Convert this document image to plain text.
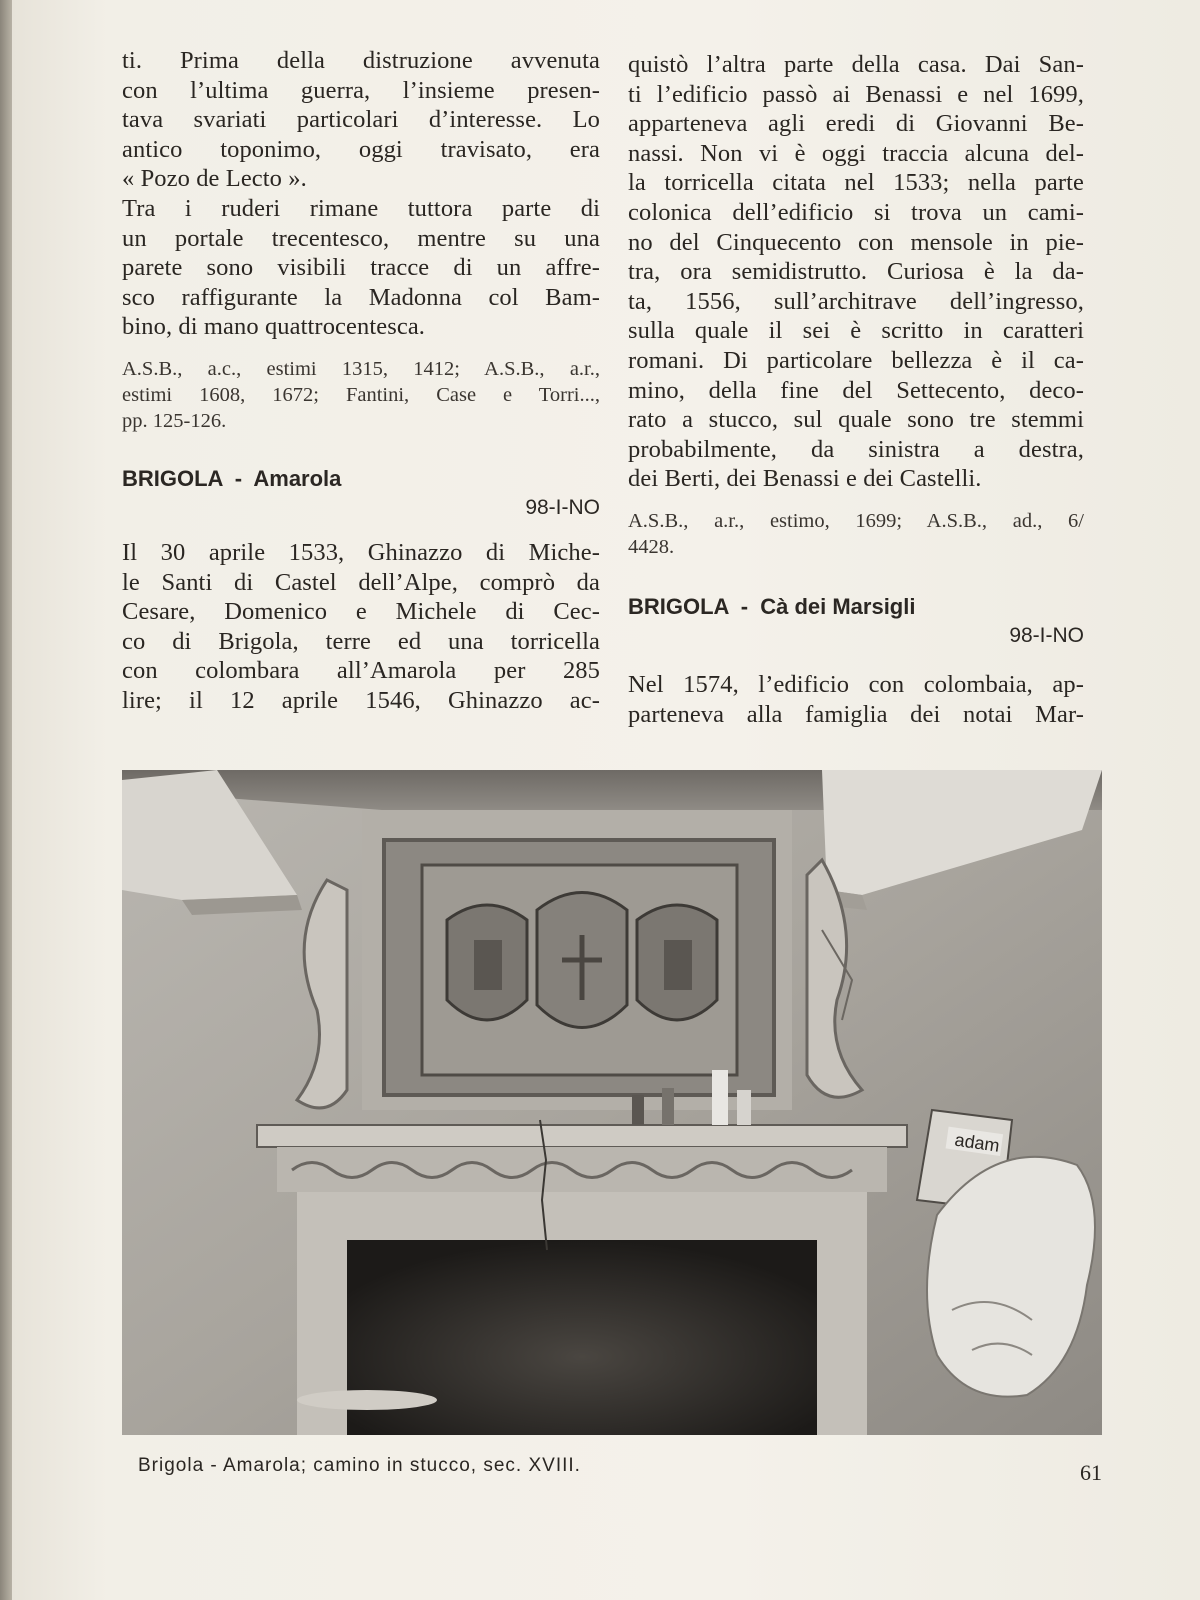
ti. Prima della distruzione avvenuta
con l’ultima guerra, l’insieme presen-
tava svariati particolari d’interesse. Lo
antico toponimo, oggi travisato, era
« Pozo de Lecto ».

Tra i ruderi rimane tuttora parte di
un portale trecentesco, mentre su una
parete sono visibili tracce di un affre-
sco raffigurante la Madonna col Bam-
bino, di mano quattrocentesca.

A.S.B., a.c., estimi 1315, 1412; A.S.B., a.r.,
estimi 1608, 1672; Fantini, Case e Torri...,
pp. 125-126.

BRIGOLA - Amarola
98-I-NO

Il 30 aprile 1533, Ghinazzo di Miche-
le Santi di Castel dell’Alpe, comprò da
Cesare, Domenico e Michele di Cec-
co di Brigola, terre ed una torricella
con colombara all’Amarola per 285
lire; il 12 aprile 1546, Ghinazzo ac-

quistò l’altra parte della casa. Dai San-
ti l’edificio passò ai Benassi e nel 1699,
apparteneva agli eredi di Giovanni Be-
nassi. Non vi è oggi traccia alcuna del-
la torricella citata nel 1533; nella parte
colonica dell’edificio si trova un cami-
no del Cinquecento con mensole in pie-
tra, ora semidistrutto. Curiosa è la da-
ta, 1556, sull’architrave dell’ingresso,
sulla quale il sei è scritto in caratteri
romani. Di particolare bellezza è il ca-
mino, della fine del Settecento, deco-
rato a stucco, sul quale sono tre stemmi
probabilmente, da sinistra a destra,
dei Berti, dei Benassi e dei Castelli.

A.S.B., a.r., estimo, 1699; A.S.B., ad., 6/
4428.

BRIGOLA - Cà dei Marsigli
98-I-NO

Nel 1574, l’edificio con colombaia, ap-
parteneva alla famiglia dei notai Mar-

adam
Brigola - Amarola; camino in stucco, sec. XVIII.	61
